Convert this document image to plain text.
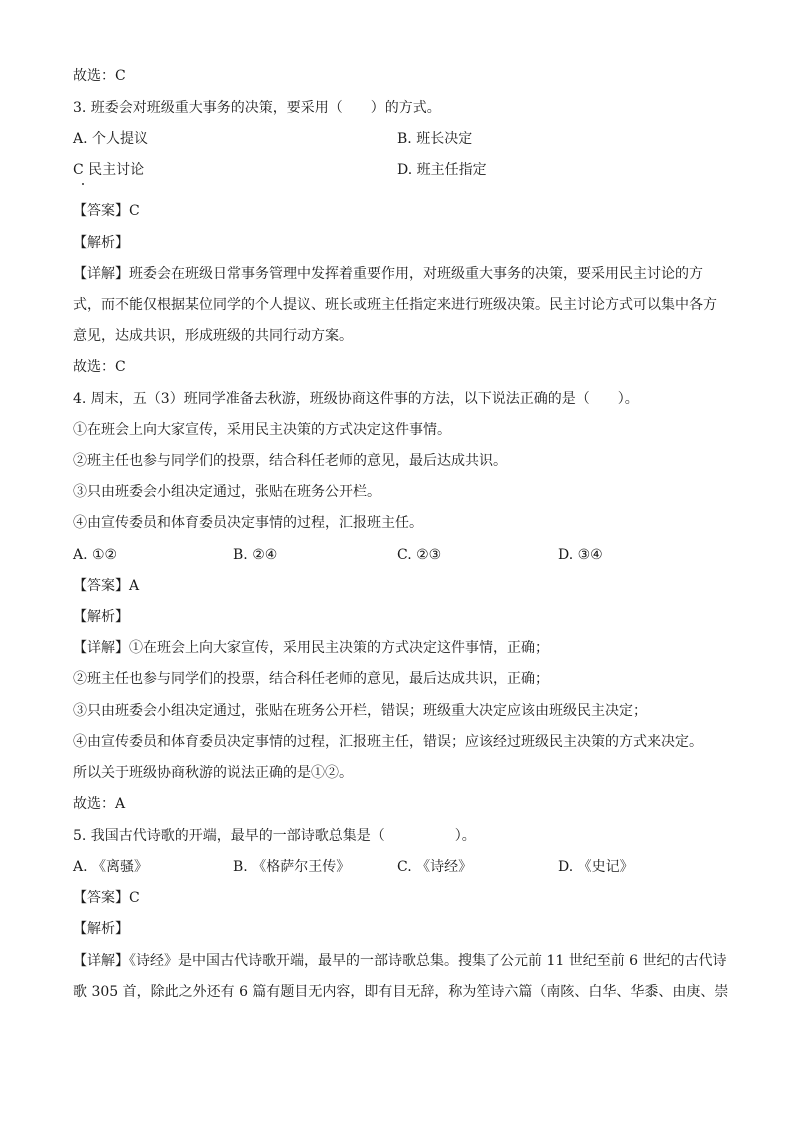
故选：C
3. 班委会对班级重大事务的决策，要采用（　　）的方式。
A. 个人提议	B. 班长决定
C 民主讨论	D. 班主任指定
【答案】C
【解析】
【详解】班委会在班级日常事务管理中发挥着重要作用，对班级重大事务的决策，要采用民主讨论的方
式，而不能仅根据某位同学的个人提议、班长或班主任指定来进行班级决策。民主讨论方式可以集中各方
意见，达成共识，形成班级的共同行动方案。
故选：C
4. 周末，五（3）班同学准备去秋游，班级协商这件事的方法，以下说法正确的是（　　）。
①在班会上向大家宣传，采用民主决策的方式决定这件事情。
②班主任也参与同学们的投票，结合科任老师的意见，最后达成共识。
③只由班委会小组决定通过，张贴在班务公开栏。
④由宣传委员和体育委员决定事情的过程，汇报班主任。
A. ①②	B. ②④	C. ②③	D. ③④
【答案】A
【解析】
【详解】①在班会上向大家宣传，采用民主决策的方式决定这件事情，正确；
②班主任也参与同学们的投票，结合科任老师的意见，最后达成共识，正确；
③只由班委会小组决定通过，张贴在班务公开栏，错误；班级重大决定应该由班级民主决定；
④由宣传委员和体育委员决定事情的过程，汇报班主任，错误；应该经过班级民主决策的方式来决定。
所以关于班级协商秋游的说法正确的是①②。
故选：A
5. 我国古代诗歌的开端，最早的一部诗歌总集是（　　　　　）。
A. 《离骚》	B. 《格萨尔王传》	C. 《诗经》	D. 《史记》
【答案】C
【解析】
【详解】《诗经》是中国古代诗歌开端，最早的一部诗歌总集。搜集了公元前 11 世纪至前 6 世纪的古代诗
歌 305 首，除此之外还有 6 篇有题目无内容，即有目无辞，称为笙诗六篇（南陔、白华、华黍、由庚、崇
